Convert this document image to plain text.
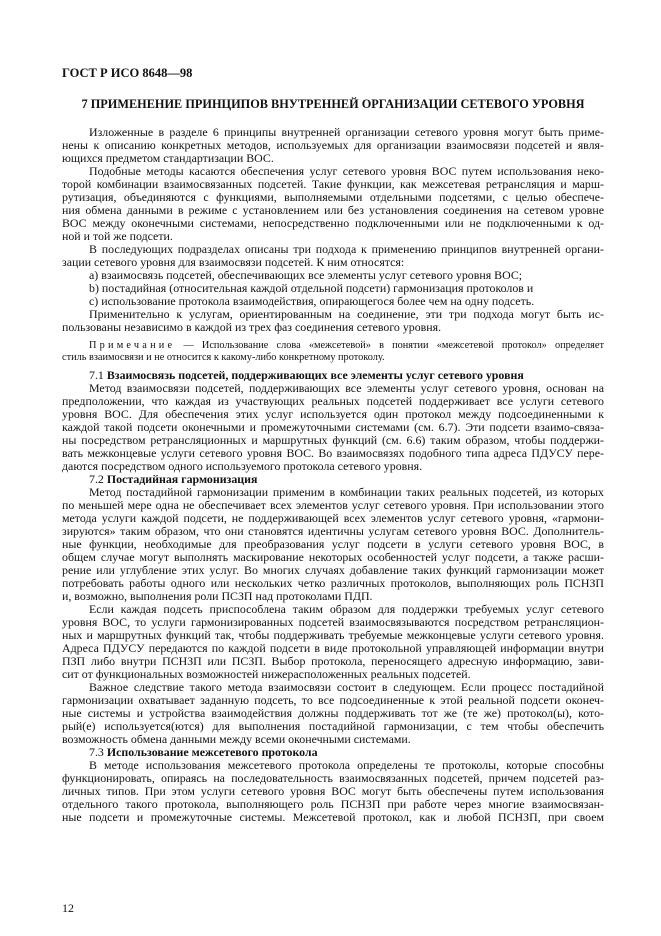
ГОСТ Р ИСО 8648—98
7 ПРИМЕНЕНИЕ ПРИНЦИПОВ ВНУТРЕННЕЙ ОРГАНИЗАЦИИ СЕТЕВОГО УРОВНЯ
Изложенные в разделе 6 принципы внутренней организации сетевого уровня могут быть приме-
нены к описанию конкретных методов, используемых для организации взаимосвязи подсетей и явля-
ющихся предметом стандартизации ВОС.
Подобные методы касаются обеспечения услуг сетевого уровня ВОС путем использования неко-
торой комбинации взаимосвязанных подсетей. Такие функции, как межсетевая ретрансляция и марш-
рутизация, объединяются с функциями, выполняемыми отдельными подсетями, с целью обеспече-
ния обмена данными в режиме с установлением или без установления соединения на сетевом уровне
ВОС между оконечными системами, непосредственно подключенными или не подключенными к од-
ной и той же подсети.
В последующих подразделах описаны три подхода к применению принципов внутренней органи-
зации сетевого уровня для взаимосвязи подсетей. К ним относятся:
a) взаимосвязь подсетей, обеспечивающих все элементы услуг сетевого уровня ВОС;
b) постадийная (относительная каждой отдельной подсети) гармонизация протоколов и
c) использование протокола взаимодействия, опирающегося более чем на одну подсеть.
Применительно к услугам, ориентированным на соединение, эти три подхода могут быть ис-
пользованы независимо в каждой из трех фаз соединения сетевого уровня.
Примечание — Использование слова «межсетевой» в понятии «межсетевой протокол» определяет
стиль взаимосвязи и не относится к какому-либо конкретному протоколу.
7.1 Взаимосвязь подсетей, поддерживающих все элементы услуг сетевого уровня
Метод взаимосвязи подсетей, поддерживающих все элементы услуг сетевого уровня, основан на
предположении, что каждая из участвующих реальных подсетей поддерживает все услуги сетевого
уровня ВОС. Для обеспечения этих услуг используется один протокол между подсоединенными к
каждой такой подсети оконечными и промежуточными системами (см. 6.7). Эти подсети взаимо-связа-
ны посредством ретрансляционных и маршрутных функций (см. 6.6) таким образом, чтобы поддержи-
вать межконцевые услуги сетевого уровня ВОС. Во взаимосвязях подобного типа адреса ПДУСУ пере-
даются посредством одного используемого протокола сетевого уровня.
7.2 Постадийная гармонизация
Метод постадийной гармонизации применим в комбинации таких реальных подсетей, из которых
по меньшей мере одна не обеспечивает всех элементов услуг сетевого уровня. При использовании этого
метода услуги каждой подсети, не поддерживающей всех элементов услуг сетевого уровня, «гармони-
зируются» таким образом, что они становятся идентичны услугам сетевого уровня ВОС. Дополнитель-
ные функции, необходимые для преобразования услуг подсети в услуги сетевого уровня ВОС, в
общем случае могут выполнять маскирование некоторых особенностей услуг подсети, а также расши-
рение или углубление этих услуг. Во многих случаях добавление таких функций гармонизации может
потребовать работы одного или нескольких четко различных протоколов, выполняющих роль ПСНЗП
и, возможно, выполнения роли ПСЗП над протоколами ПДП.
Если каждая подсеть приспособлена таким образом для поддержки требуемых услуг сетевого
уровня ВОС, то услуги гармонизированных подсетей взаимосвязываются посредством ретрансляцион-
ных и маршрутных функций так, чтобы поддерживать требуемые межконцевые услуги сетевого уровня.
Адреса ПДУСУ передаются по каждой подсети в виде протокольной управляющей информации внутри
ПЗП либо внутри ПСНЗП или ПСЗП. Выбор протокола, переносящего адресную информацию, зави-
сит от функциональных возможностей нижерасположенных реальных подсетей.
Важное следствие такого метода взаимосвязи состоит в следующем. Если процесс постадийной
гармонизации охватывает заданную подсеть, то все подсоединенные к этой реальной подсети оконеч-
ные системы и устройства взаимодействия должны поддерживать тот же (те же) протокол(ы), кото-
рый(е) используется(ются) для выполнения постадийной гармонизации, с тем чтобы обеспечить
возможность обмена данными между всеми оконечными системами.
7.3 Использование межсетевого протокола
В методе использования межсетевого протокола определены те протоколы, которые способны
функционировать, опираясь на последовательность взаимосвязанных подсетей, причем подсетей раз-
личных типов. При этом услуги сетевого уровня ВОС могут быть обеспечены путем использования
отдельного такого протокола, выполняющего роль ПСНЗП при работе через многие взаимосвязан-
ные подсети и промежуточные системы. Межсетевой протокол, как и любой ПСНЗП, при своем
12
